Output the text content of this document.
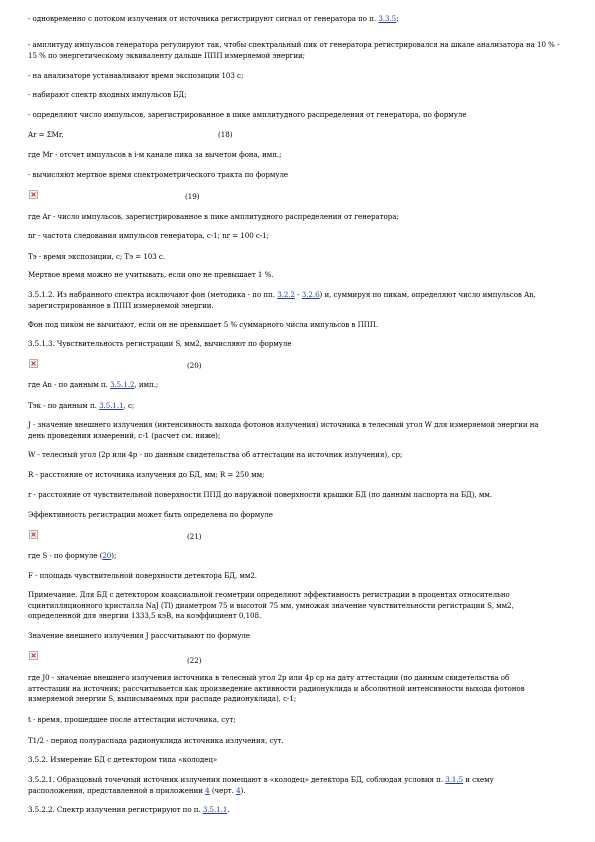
- одновременно с потоком излучения от источника регистрируют сигнал от генератора по п. 3.3.5;
- амплитуду импульсов генератора регулируют так, чтобы спектральный пик от генератора регистрировался на шкале анализатора на 10 % - 15 % по энергетическому эквиваленту дальше ППП измеряемой энергии;
- на анализаторе устанавливают время экспозиции 103 с;
- набирают спектр входных импульсов БД;
- определяют число импульсов, зарегистрированное в пике амплитудного распределения от генератора, по формуле
Ar = ΣMr,	(18)
где Mr - отсчет импульсов в i-м канале пика за вычетом фона, имп.;
- вычисляют мертвое время спектрометрического тракта по формуле
(19)
где Ar - число импульсов, зарегистрированное в пике амплитудного распределения от генератора;
nr - частота следования импульсов генератора, с-1; nr = 100 с-1;
Tэ - время экспозиции, с; Tэ = 103 с.
Мертвое время можно не учитывать, если оно не превышает 1 %.
3.5.1.2. Из набранного спектра исключают фон (методика - по пп. 3.2.2 - 3.2.6) и, суммируя по пикам, определяют число импульсов An,
зарегистрированное в ППП измеряемой энергии.
Фон под пиком не вычитают, если он не превышает 5 % суммарного числа импульсов в ППП.
3.5.1.3. Чувствительность регистрации S, мм2, вычисляют по формуле
(20)
где An - по данным п. 3.5.1.2, имп.;
Tэк - по данным п. 3.5.1.1, с;
J - значение внешнего излучения (интенсивность выхода фотонов излучения) источника в телесный угол W для измеряемой энергии на
день проведения измерений, с-1 (расчет см. ниже);
W - телесный угол (2p или 4p - по данным свидетельства об аттестации на источник излучения), ср;
R - расстояние от источника излучения до БД, мм; R = 250 мм;
r - расстояние от чувствительной поверхности ППД до наружной поверхности крышки БД (по данным паспорта на БД), мм.
Эффективность регистрации может быть определена по формуле
(21)
где S - по формуле (20);
F - площадь чувствительной поверхности детектора БД, мм2.
Примечание. Для БД с детектором коаксиальной геометрии определяют эффективность регистрации в процентах относительно
сцинтилляционного кристалла NaJ (Tl) диаметром 75 и высотой 75 мм, умножая значение чувствительности регистрации S, мм2,
определенной для энергии 1333,5 кэВ, на коэффициент 0,108.
Значение внешнего излучения J рассчитывают по формуле
(22)
где J0 - значение внешнего излучения источника в телесный угол 2p или 4p ср на дату аттестации (по данным свидетельства об
аттестации на источник; рассчитывается как произведение активности радионуклида и абсолютной интенсивности выхода фотонов
измеряемой энергии S, выписываемых при распаде радионуклида), с-1;
t - время, прошедшее после аттестации источника, сут;
T1/2 - период полураспада радионуклида источника излучения, сут.
3.5.2. Измерение БД с детектором типа «колодец»
3.5.2.1. Образцовый точечный источник излучения помещают в «колодец» детектора БД, соблюдая условия п. 3.1.5 и схему
расположения, представленной в приложении 4 (черт. 4).
3.5.2.2. Спектр излучения регистрируют по п. 3.5.1.1.
